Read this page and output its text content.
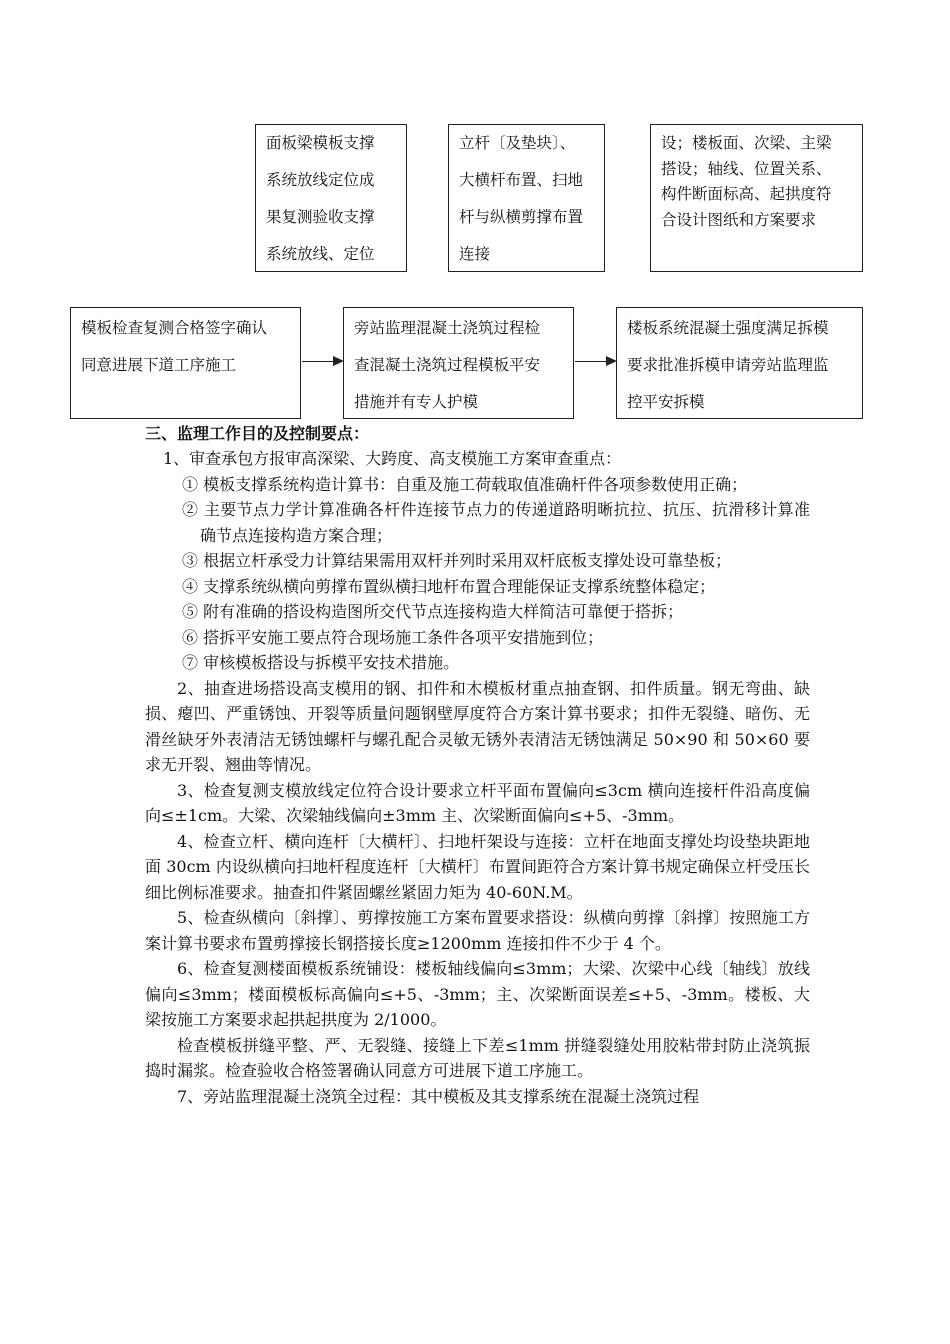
面板梁模板支撑
系统放线定位成
果复测验收支撑
系统放线、定位
立杆〔及垫块〕、
大横杆布置、扫地
杆与纵横剪撑布置
连接
设；楼板面、次梁、主梁
搭设；轴线、位置关系、
构件断面标高、起拱度符
合设计图纸和方案要求
模板检查复测合格签字确认
同意进展下道工序施工
旁站监理混凝土浇筑过程检
查混凝土浇筑过程模板平安
措施并有专人护模
楼板系统混凝土强度满足拆模
要求批准拆模申请旁站监理监
控平安拆模
三、监理工作目的及控制要点：

1、审查承包方报审高深梁、大跨度、高支模施工方案审查重点：

① 模板支撑系统构造计算书：自重及施工荷载取值准确杆件各项参数使用正确；

② 主要节点力学计算准确各杆件连接节点力的传递道路明晰抗拉、抗压、抗滑移计算准确节点连接构造方案合理；

③ 根据立杆承受力计算结果需用双杆并列时采用双杆底板支撑处设可靠垫板；

④ 支撑系统纵横向剪撑布置纵横扫地杆布置合理能保证支撑系统整体稳定；

⑤ 附有准确的搭设构造图所交代节点连接构造大样简洁可靠便于搭拆；

⑥ 搭拆平安施工要点符合现场施工条件各项平安措施到位；

⑦ 审核模板搭设与拆模平安技术措施。

2、抽查进场搭设高支模用的钢、扣件和木模板材重点抽查钢、扣件质量。钢无弯曲、缺损、瘪凹、严重锈蚀、开裂等质量问题钢壁厚度符合方案计算书要求；扣件无裂缝、暗伤、无滑丝缺牙外表清洁无锈蚀螺杆与螺孔配合灵敏无锈外表清洁无锈蚀满足 50×90 和 50×60 要求无开裂、翘曲等情况。

3、检查复测支模放线定位符合设计要求立杆平面布置偏向≤3cm 横向连接杆件沿高度偏向≤±1cm。大梁、次梁轴线偏向±3mm 主、次梁断面偏向≤+5、-3mm。

4、检查立杆、横向连杆〔大横杆〕、扫地杆架设与连接：立杆在地面支撑处均设垫块距地面 30cm 内设纵横向扫地杆程度连杆〔大横杆〕布置间距符合方案计算书规定确保立杆受压长细比例标准要求。抽查扣件紧固螺丝紧固力矩为 40-60N.M。

5、检查纵横向〔斜撑〕、剪撑按施工方案布置要求搭设：纵横向剪撑〔斜撑〕按照施工方案计算书要求布置剪撑接长钢搭接长度≥1200mm 连接扣件不少于 4 个。

6、检查复测楼面模板系统铺设：楼板轴线偏向≤3mm；大梁、次梁中心线〔轴线〕放线偏向≤3mm；楼面模板标高偏向≤+5、-3mm；主、次梁断面误差≤+5、-3mm。楼板、大梁按施工方案要求起拱起拱度为 2/1000。

检查模板拼缝平整、严、无裂缝、接缝上下差≤1mm 拼缝裂缝处用胶粘带封防止浇筑振捣时漏浆。检查验收合格签署确认同意方可进展下道工序施工。

7、旁站监理混凝土浇筑全过程：其中模板及其支撑系统在混凝土浇筑过程
